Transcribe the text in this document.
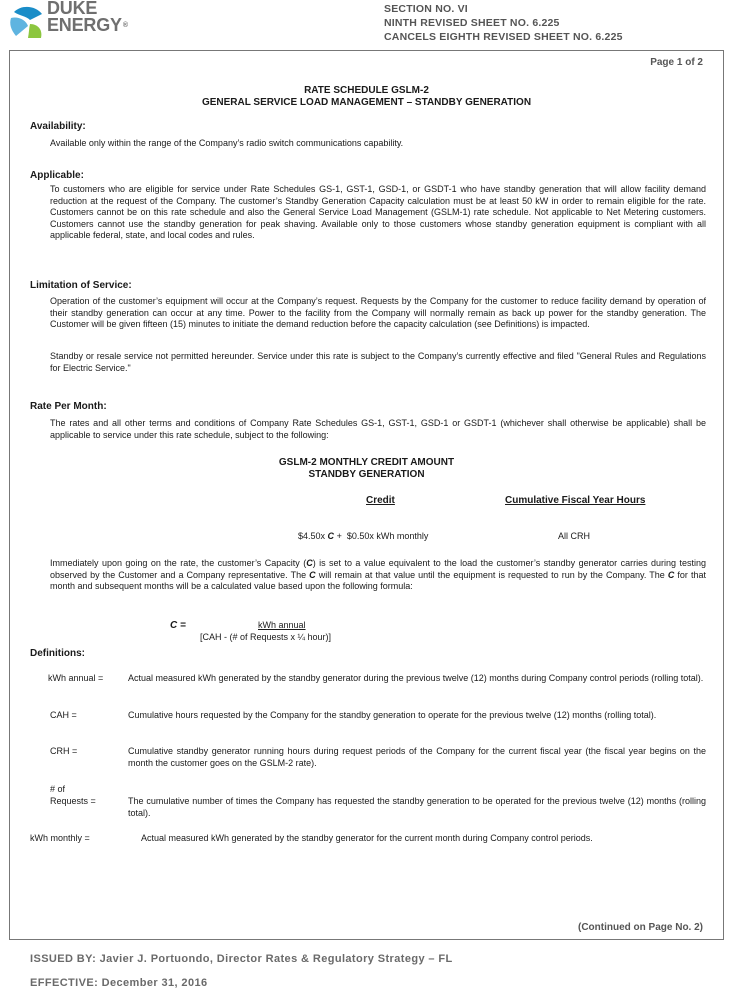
DUKE
ENERGY®
SECTION NO. VI
NINTH REVISED SHEET NO. 6.225
CANCELS EIGHTH REVISED SHEET NO. 6.225
Page 1 of 2
RATE SCHEDULE GSLM-2
GENERAL SERVICE LOAD MANAGEMENT – STANDBY GENERATION
Availability:
Available only within the range of the Company’s radio switch communications capability.
Applicable:
To customers who are eligible for service under Rate Schedules GS-1, GST-1, GSD-1, or GSDT-1 who have standby generation that will allow facility demand reduction at the request of the Company. The customer’s Standby Generation Capacity calculation must be at least 50 kW in order to remain eligible for the rate. Customers cannot be on this rate schedule and also the General Service Load Management (GSLM-1) rate schedule. Not applicable to Net Metering customers. Customers cannot use the standby generation for peak shaving. Available only to those customers whose standby generation equipment is compliant with all applicable federal, state, and local codes and rules.
Limitation of Service:
Operation of the customer’s equipment will occur at the Company’s request. Requests by the Company for the customer to reduce facility demand by operation of their standby generation can occur at any time. Power to the facility from the Company will normally remain as back up power for the standby generation. The Customer will be given fifteen (15) minutes to initiate the demand reduction before the capacity calculation (see Definitions) is impacted.
Standby or resale service not permitted hereunder. Service under this rate is subject to the Company’s currently effective and filed "General Rules and Regulations for Electric Service."
Rate Per Month:
The rates and all other terms and conditions of Company Rate Schedules GS-1, GST-1, GSD-1 or GSDT-1 (whichever shall otherwise be applicable) shall be applicable to service under this rate schedule, subject to the following:
GSLM-2 MONTHLY CREDIT AMOUNT
STANDBY GENERATION
Credit	Cumulative Fiscal Year Hours
$4.50x C +  $0.50x kWh monthly	All CRH
Immediately upon going on the rate, the customer’s Capacity (C) is set to a value equivalent to the load the customer’s standby generator carries during testing observed by the Customer and a Company representative. The C will remain at that value until the equipment is requested to run by the Company. The C for that month and subsequent months will be a calculated value based upon the following formula:
C =	kWh annual
[CAH - (# of Requests x ¼ hour)]
Definitions:
kWh annual =	Actual measured kWh generated by the standby generator during the previous twelve (12) months during Company control periods (rolling total).
CAH =	Cumulative hours requested by the Company for the standby generation to operate for the previous twelve (12) months (rolling total).
CRH =	Cumulative standby generator running hours during request periods of the Company for the current fiscal year (the fiscal year begins on the month the customer goes on the GSLM-2 rate).
# of
Requests =	The cumulative number of times the Company has requested the standby generation to be operated for the previous twelve (12) months (rolling total).
kWh monthly =	Actual measured kWh generated by the standby generator for the current month during Company control periods.
(Continued on Page No. 2)
ISSUED BY: Javier J. Portuondo, Director Rates & Regulatory Strategy – FL
EFFECTIVE: December 31, 2016
